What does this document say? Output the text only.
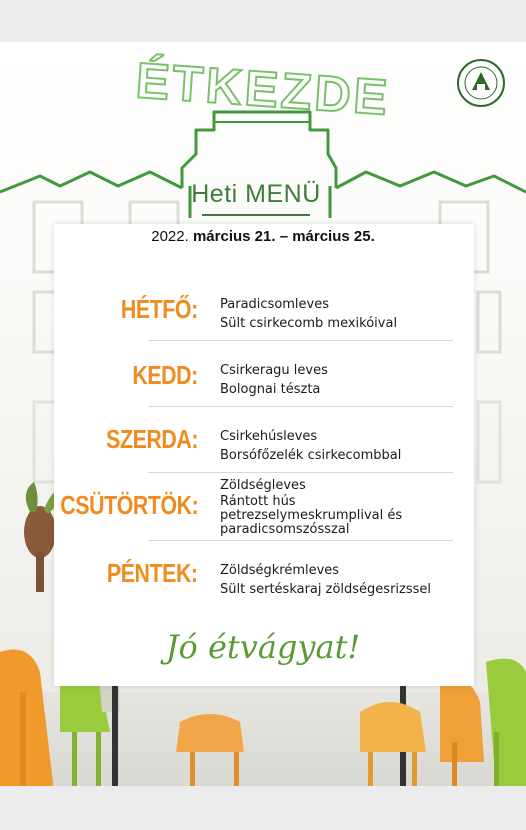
ÉTKEZDE
Heti MENÜ
2022. március 21. – március 25.
HÉTFŐ: Paradicsomleves
Sült csirkecomb mexikóival
KEDD: Csirkeragu leves
Bolognai tészta
SZERDA: Csirkehúsleves
Borsófőzelék csirkecombbal
CSÜTÖRTÖK:
Zöldségleves
Rántott hús petrezselymeskrumplival és paradicsomszósszal
PÉNTEK: Zöldségkrémleves
Sült sertéskaraj zöldségesrizssel
Jó étvágyat!
